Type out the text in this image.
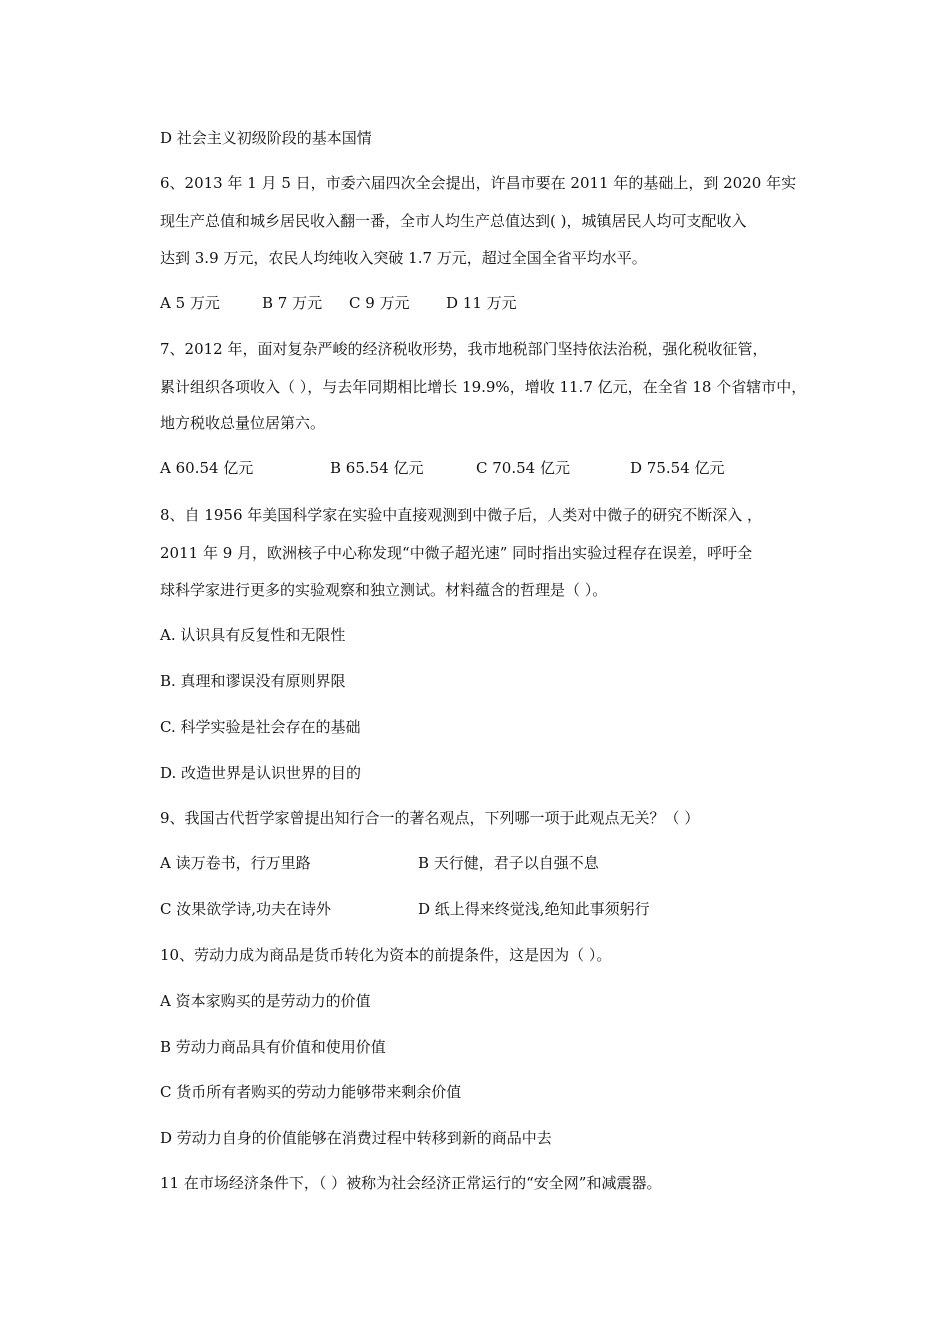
D 社会主义初级阶段的基本国情
6、2013 年 1 月 5 日，市委六届四次全会提出，许昌市要在 2011 年的基础上，到 2020 年实
现生产总值和城乡居民收入翻一番，全市人均生产总值达到( )，城镇居民人均可支配收入
达到 3.9 万元，农民人均纯收入突破 1.7 万元，超过全国全省平均水平。
A 5 万元	B 7 万元 C 9 万元 D 11 万元
7、2012 年，面对复杂严峻的经济税收形势，我市地税部门坚持依法治税，强化税收征管，
累计组织各项收入（ ），与去年同期相比增长 19.9%，增收 11.7 亿元，在全省 18 个省辖市中，
地方税收总量位居第六。
A 60.54 亿元	B 65.54 亿元	C 70.54 亿元	D 75.54 亿元
8、自 1956 年美国科学家在实验中直接观测到中微子后，人类对中微子的研究不断深入 ，
2011 年 9 月，欧洲核子中心称发现“中微子超光速” 同时指出实验过程存在误差，呼吁全
球科学家进行更多的实验观察和独立测试。材料蕴含的哲理是（ ）。
A. 认识具有反复性和无限性
B. 真理和谬误没有原则界限
C. 科学实验是社会存在的基础
D. 改造世界是认识世界的目的
9、我国古代哲学家曾提出知行合一的著名观点，下列哪一项于此观点无关？（ ）
A 读万卷书，行万里路	B 天行健，君子以自强不息
C 汝果欲学诗,功夫在诗外	D 纸上得来终觉浅,绝知此事须躬行
10、劳动力成为商品是货币转化为资本的前提条件，这是因为（ ）。
A 资本家购买的是劳动力的价值
B 劳动力商品具有价值和使用价值
C 货币所有者购买的劳动力能够带来剩余价值
D 劳动力自身的价值能够在消费过程中转移到新的商品中去
11 在市场经济条件下，（ ）被称为社会经济正常运行的“安全网”和减震器。
